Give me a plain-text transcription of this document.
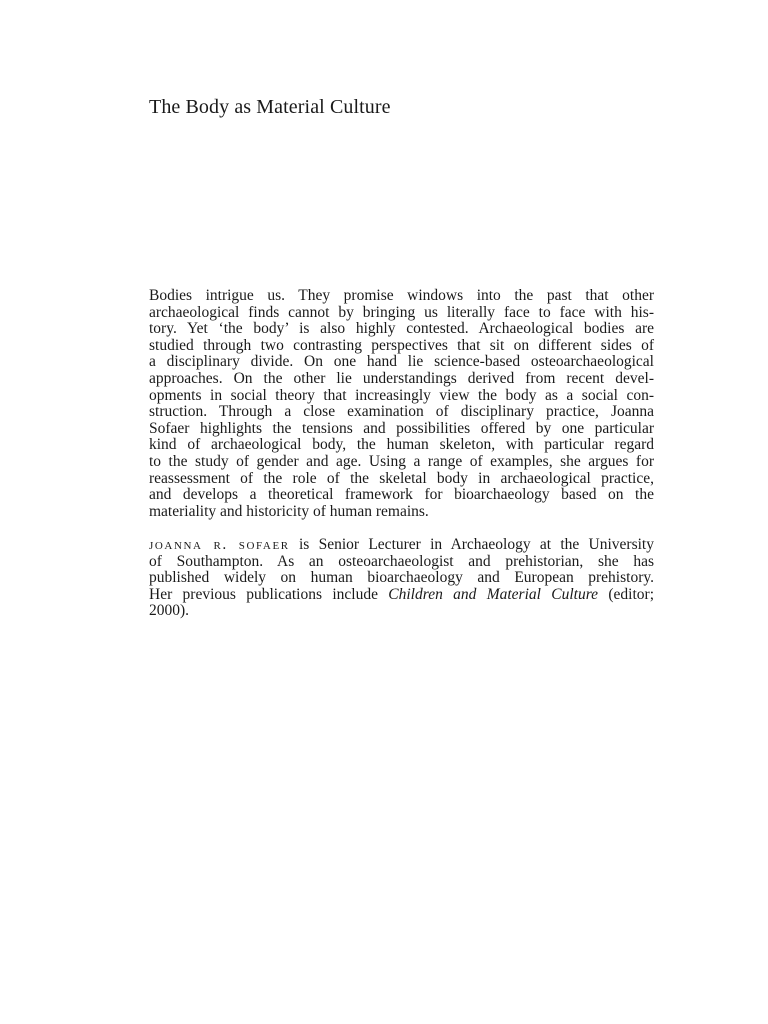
The Body as Material Culture
Bodies intrigue us. They promise windows into the past that other
archaeological finds cannot by bringing us literally face to face with his-
tory. Yet ‘the body’ is also highly contested. Archaeological bodies are
studied through two contrasting perspectives that sit on different sides of
a disciplinary divide. On one hand lie science-based osteoarchaeological
approaches. On the other lie understandings derived from recent devel-
opments in social theory that increasingly view the body as a social con-
struction. Through a close examination of disciplinary practice, Joanna
Sofaer highlights the tensions and possibilities offered by one particular
kind of archaeological body, the human skeleton, with particular regard
to the study of gender and age. Using a range of examples, she argues for
reassessment of the role of the skeletal body in archaeological practice,
and develops a theoretical framework for bioarchaeology based on the
materiality and historicity of human remains.
joanna r. sofaer is Senior Lecturer in Archaeology at the University
of Southampton. As an osteoarchaeologist and prehistorian, she has
published widely on human bioarchaeology and European prehistory.
Her previous publications include Children and Material Culture (editor;
2000).
